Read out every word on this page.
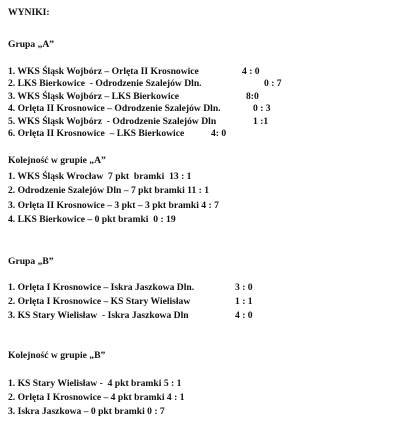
WYNIKI:
Grupa „A”
1. WKS Śląsk Wojbórz – Orlęta II Krosnowice	4 : 0
2. LKS Bierkowice  - Odrodzenie Szalejów Dln.	0 : 7
3. WKS Śląsk Wojbórz – LKS Bierkowice	8:0
4. Orlęta II Krosnowice – Odrodzenie Szalejów Dln.	0 : 3
5. WKS Śląsk Wojbórz  - Odrodzenie Szalejów Dln	1 :1
6. Orlęta II Krosnowice  – LKS Bierkowice	4: 0
Kolejność w grupie „A”
1. WKS Śląsk Wrocław  7 pkt  bramki  13 : 1
2. Odrodzenie Szalejów Dln – 7 pkt bramki 11 : 1
3. Orlęta II Krosnowice – 3 pkt – 3 pkt bramki 4 : 7
4. LKS Bierkowice – 0 pkt bramki  0 : 19
Grupa „B”
1. Orlęta I Krosnowice – Iskra Jaszkowa Dln.	3 : 0
2. Orlęta I Krosnowice – KS Stary Wielisław	1 : 1
3. KS Stary Wielisław  - Iskra Jaszkowa Dln	4 : 0
Kolejność w grupie „B”
1. KS Stary Wielisław -  4 pkt bramki 5 : 1
2. Orlęta I Krosnowice – 4 pkt bramki 4 : 1
3. Iskra Jaszkowa – 0 pkt bramki 0 : 7
